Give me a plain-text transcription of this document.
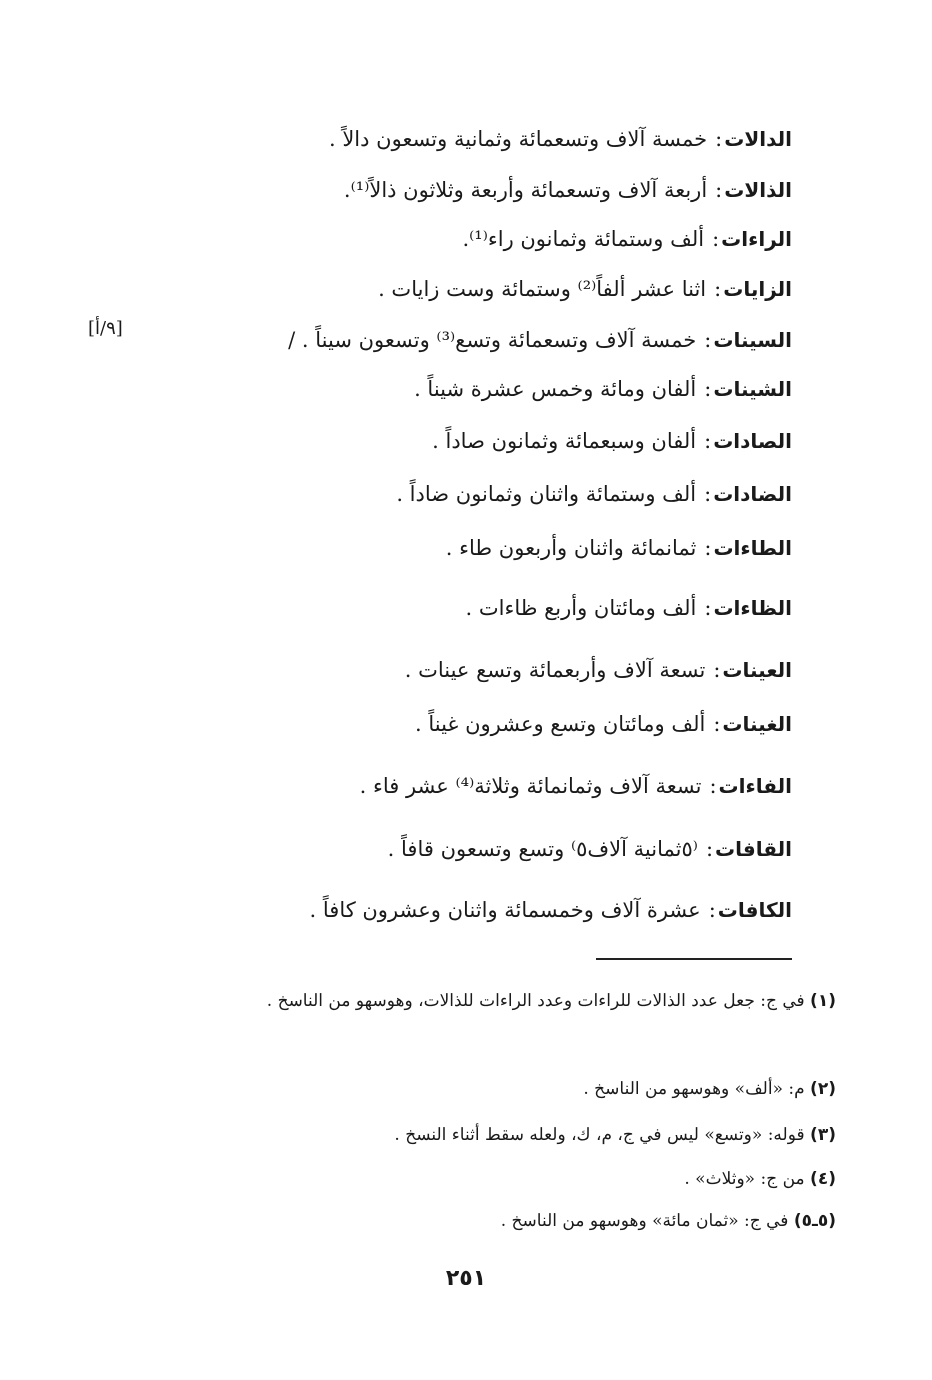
الدالات:خمسة آلاف وتسعمائة وثمانية وتسعون دالاً .
الذالات:أربعة آلاف وتسعمائة وأربعة وثلاثون ذالاً⁽¹⁾.
الراءات:ألف وستمائة وثمانون راء⁽¹⁾.
الزايات:اثنا عشر ألفاً⁽²⁾ وستمائة وست زايات .
السينات:خمسة آلاف وتسعمائة وتسع⁽³⁾ وتسعون سيناً . /
الشينات:ألفان ومائة وخمس عشرة شيناً .
الصادات:ألفان وسبعمائة وثمانون صاداً .
الضادات:ألف وستمائة واثنان وثمانون ضاداً .
الطاءات:ثمانمائة واثنان وأربعون طاء .
الظاءات:ألف ومائتان وأربع ظاءات .
العينات:تسعة آلاف وأربعمائة وتسع عينات .
الغينات:ألف ومائتان وتسع وعشرون غيناً .
الفاءات:تسعة آلاف وثمانمائة وثلاثة⁽⁴⁾ عشر فاء .
القافات:⁽٥ثمانية آلاف٥⁾ وتسع وتسعون قافاً .
الكافات:عشرة آلاف وخمسمائة واثنان وعشرون كافاً .
[٩/أ]
(١) في ج: جعل عدد الذالات للراءات وعدد الراءات للذالات، وهوسهو من الناسخ .
(٢) م: «ألف» وهوسهو من الناسخ .
(٣) قوله: «وتسع» ليس في ج، م، ك، ولعله سقط أثناء النسخ .
(٤) من ج: «وثلاث» .
(٥ـ٥) في ج: «ثمان مائة» وهوسهو من الناسخ .
٢٥١
